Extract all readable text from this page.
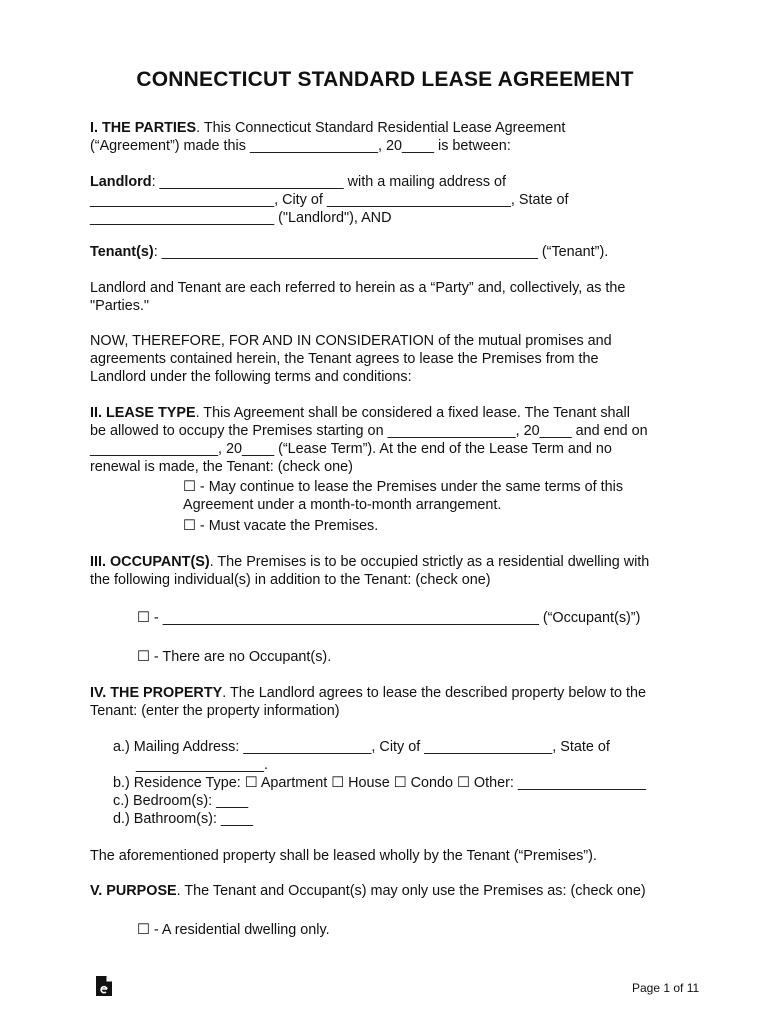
CONNECTICUT STANDARD LEASE AGREEMENT

I. THE PARTIES. This Connecticut Standard Residential Lease Agreement
(“Agreement”) made this ________________, 20____ is between:

Landlord: _______________________ with a mailing address of
_______________________, City of _______________________, State of
_______________________ ("Landlord"), AND

Tenant(s): _______________________________________________ (“Tenant”).

Landlord and Tenant are each referred to herein as a “Party” and, collectively, as the
"Parties."

NOW, THEREFORE, FOR AND IN CONSIDERATION of the mutual promises and
agreements contained herein, the Tenant agrees to lease the Premises from the
Landlord under the following terms and conditions:

II. LEASE TYPE. This Agreement shall be considered a fixed lease. The Tenant shall
be allowed to occupy the Premises starting on ________________, 20____ and end on
________________, 20____ (“Lease Term”). At the end of the Lease Term and no
renewal is made, the Tenant: (check one)

☐ - May continue to lease the Premises under the same terms of this
Agreement under a month-to-month arrangement.

☐ - Must vacate the Premises.

III. OCCUPANT(S). The Premises is to be occupied strictly as a residential dwelling with
the following individual(s) in addition to the Tenant: (check one)

☐ - _______________________________________________ (“Occupant(s)”)

☐ - There are no Occupant(s).

IV. THE PROPERTY. The Landlord agrees to lease the described property below to the
Tenant: (enter the property information)

a.) Mailing Address: ________________, City of ________________, State of
________________.
b.) Residence Type: ☐ Apartment ☐ House ☐ Condo ☐ Other: ________________
c.) Bedroom(s): ____
d.) Bathroom(s): ____

The aforementioned property shall be leased wholly by the Tenant (“Premises”).

V. PURPOSE. The Tenant and Occupant(s) may only use the Premises as: (check one)

☐ - A residential dwelling only.

Page 1 of 11
